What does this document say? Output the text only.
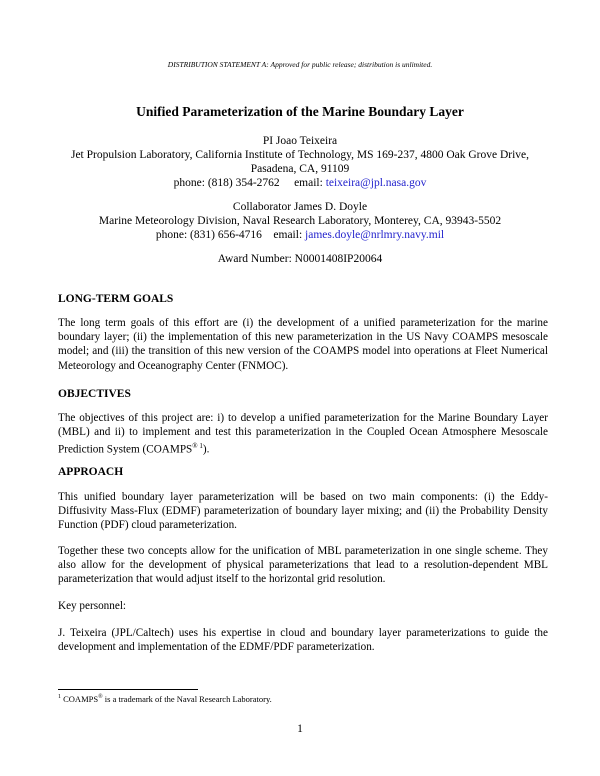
DISTRIBUTION STATEMENT A: Approved for public release; distribution is unlimited.
Unified Parameterization of the Marine Boundary Layer
PI Joao Teixeira
Jet Propulsion Laboratory, California Institute of Technology, MS 169-237, 4800 Oak Grove Drive,
Pasadena, CA, 91109
phone: (818) 354-2762 email: teixeira@jpl.nasa.gov
Collaborator James D. Doyle
Marine Meteorology Division, Naval Research Laboratory, Monterey, CA, 93943-5502
phone: (831) 656-4716 email: james.doyle@nrlmry.navy.mil
Award Number: N0001408IP20064
LONG-TERM GOALS
The long term goals of this effort are (i) the development of a unified parameterization for the marine boundary layer; (ii) the implementation of this new parameterization in the US Navy COAMPS mesoscale model; and (iii) the transition of this new version of the COAMPS model into operations at Fleet Numerical Meteorology and Oceanography Center (FNMOC).
OBJECTIVES
The objectives of this project are: i) to develop a unified parameterization for the Marine Boundary Layer (MBL) and ii) to implement and test this parameterization in the Coupled Ocean Atmosphere Mesoscale Prediction System $(COAMPS^{® 1})$.
APPROACH
This unified boundary layer parameterization will be based on two main components: (i) the Eddy-Diffusivity Mass-Flux (EDMF) parameterization of boundary layer mixing; and (ii) the Probability Density Function (PDF) cloud parameterization.
Together these two concepts allow for the unification of MBL parameterization in one single scheme. They also allow for the development of physical parameterizations that lead to a resolution-dependent MBL parameterization that would adjust itself to the horizontal grid resolution.
Key personnel:
J. Teixeira (JPL/Caltech) uses his expertise in cloud and boundary layer parameterizations to guide the development and implementation of the EDMF/PDF parameterization.
$^1$ COAMPS® is a trademark of the Naval Research Laboratory.
1
